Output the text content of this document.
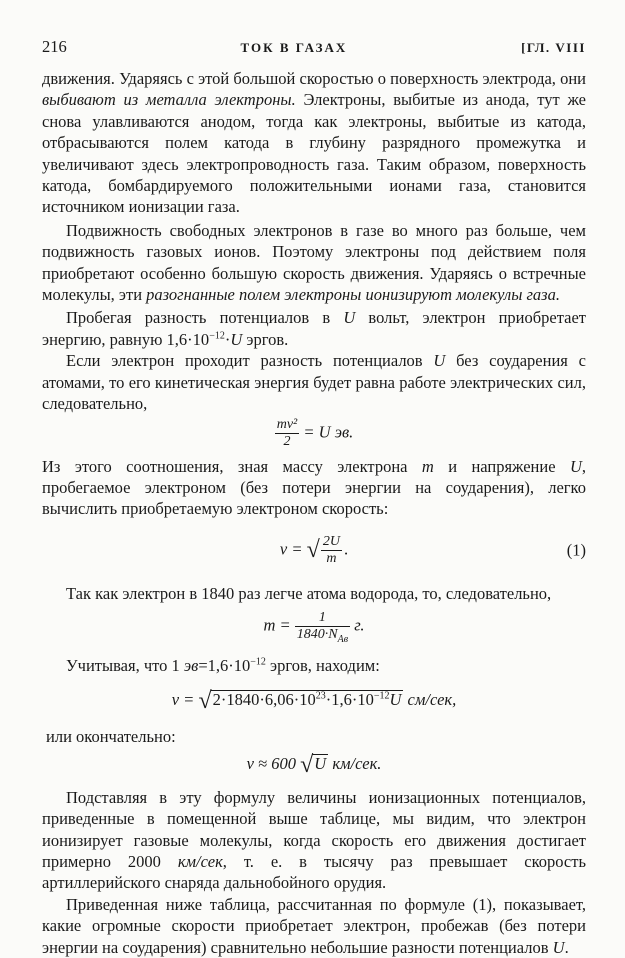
216	ТОК В ГАЗАХ	[ГЛ. VIII

движения. Ударяясь с этой большой скоростью о поверхность электрода, они выбивают из металла электроны. Электроны, выбитые из анода, тут же снова улавливаются анодом, тогда как электроны, выбитые из катода, отбрасываются полем катода в глубину разрядного промежутка и увеличивают здесь электропроводность газа. Таким образом, поверхность катода, бомбардируемого положительными ионами газа, становится источником ионизации газа.

Подвижность свободных электронов в газе во много раз больше, чем подвижность газовых ионов. Поэтому электроны под действием поля приобретают особенно большую скорость движения. Ударяясь о встречные молекулы, эти разогнанные полем электроны ионизируют молекулы газа.

Пробегая разность потенциалов в U вольт, электрон приобретает энергию, равную $1,6\cdot 10^{-12}\cdot U$ эргов.

Если электрон проходит разность потенциалов U без соударения с атомами, то его кинетическая энергия будет равна работе электрических сил, следовательно,

$\frac{\text{mv²}}{2} = U$ эв.

Из этого соотношения, зная массу электрона m и напряжение U, пробегаемое электроном (без потери энергии на соударения), легко вычислить приобретаемую электроном скорость:

v = √ $\frac{2U}{m}$ .	(1)

Так как электрон в 1840 раз легче атома водорода, то, следовательно,

$m = \frac{1}{1840\cdot N_{Ав}} г$.

Учитывая, что 1 $эв=1,6\cdot 10^{-12}$ эргов, находим:

$v = √2\cdot 1840\cdot 6,06\cdot 10^{23}\cdot 1,6\cdot 10^{-12}U$ см/сек,

или окончательно:

v ≈ 600 √U км/сек.

Подставляя в эту формулу величины ионизационных потенциалов, приведенные в помещенной выше таблице, мы видим, что электрон ионизирует газовые молекулы, когда скорость его движения достигает примерно 2000 км/сек, т. е. в тысячу раз превышает скорость артиллерийского снаряда дальнобойного орудия.

Приведенная ниже таблица, рассчитанная по формуле (1), показывает, какие огромные скорости приобретает электрон, пробежав (без потери энергии на соударения) сравнительно небольшие разности потенциалов U.
